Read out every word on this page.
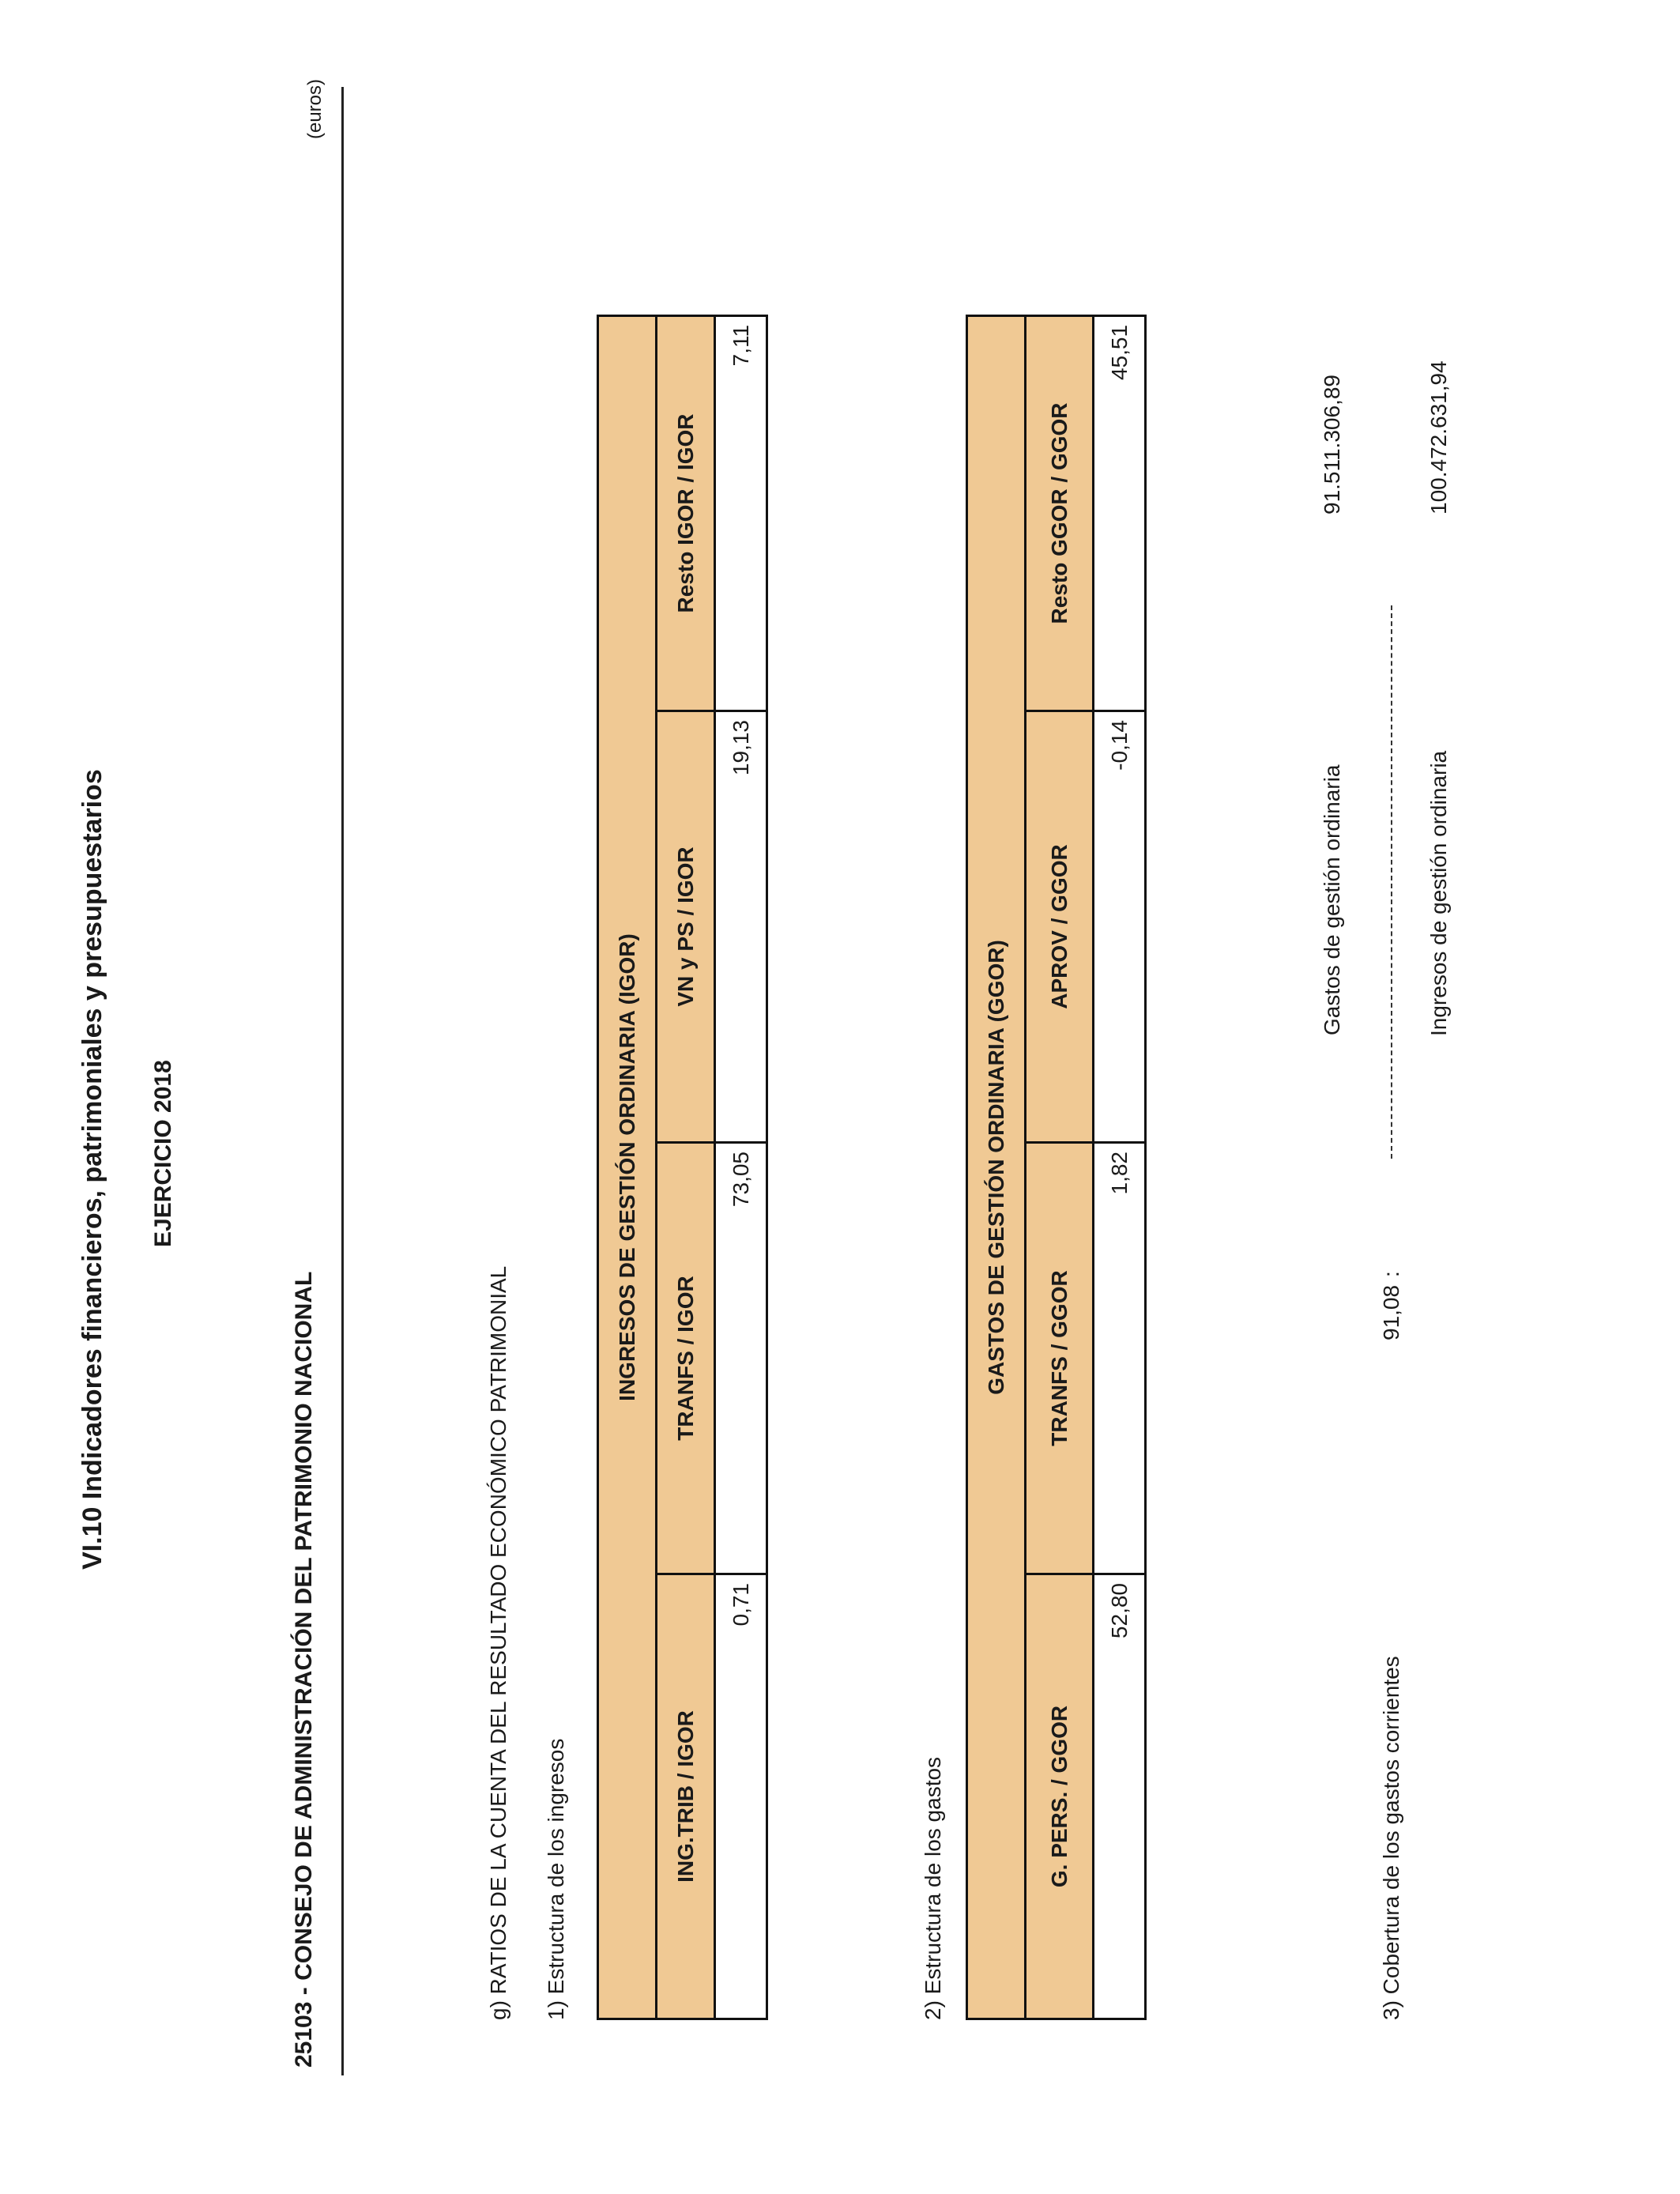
VI.10 Indicadores financieros, patrimoniales y presupuestarios EJERCICIO 2018
25103 - CONSEJO DE ADMINISTRACIÓN DEL PATRIMONIO NACIONAL
(euros)
g) RATIOS DE LA CUENTA DEL RESULTADO ECONÓMICO PATRIMONIAL 1) Estructura de los ingresos
INGRESOS DE GESTIÓN ORDINARIA (IGOR)			
ING.TRIB / IGOR	TRANFS / IGOR	VN y PS / IGOR	Resto IGOR / IGOR
0,71	73,05	19,13	7,11
2) Estructura de los gastos
GASTOS DE GESTIÓN ORDINARIA (GGOR)			
G. PERS. / GGOR	TRANFS / GGOR	APROV / GGOR	Resto GGOR / GGOR
52,80	1,82	-0,14	45,51
3) Cobertura de los gastos corrientes
91,08
:
Gastos de gestión ordinaria
91.511.306,89
Ingresos de gestión ordinaria
100.472.631,94
